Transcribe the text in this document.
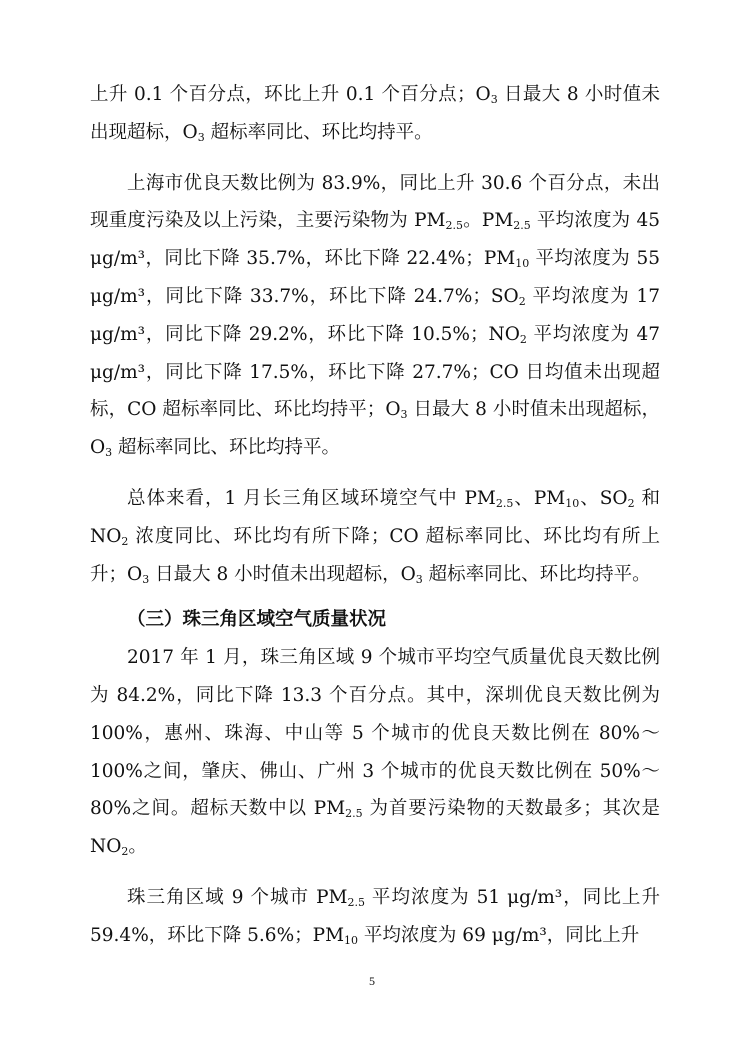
上升 0.1 个百分点，环比上升 0.1 个百分点；$O_3$ 日最大 8 小时值未出现超标，$O_3$ 超标率同比、环比均持平。

上海市优良天数比例为 83.9%，同比上升 30.6 个百分点，未出现重度污染及以上污染，主要污染物为 $PM_{2.5}$。$PM_{2.5}$ 平均浓度为 45 μg/m³，同比下降 35.7%，环比下降 22.4%；$PM_{10}$ 平均浓度为 55 μg/m³，同比下降 33.7%，环比下降 24.7%；$SO_2$ 平均浓度为 17 μg/m³，同比下降 29.2%，环比下降 10.5%；$NO_2$ 平均浓度为 47 μg/m³，同比下降 17.5%，环比下降 27.7%；CO 日均值未出现超标，CO 超标率同比、环比均持平；$O_3$ 日最大 8 小时值未出现超标，$O_3$ 超标率同比、环比均持平。

总体来看，1 月长三角区域环境空气中 $PM_{2.5}$、$PM_{10}$、$SO_2$ 和 $NO_2$ 浓度同比、环比均有所下降；CO 超标率同比、环比均有所上升；$O_3$ 日最大 8 小时值未出现超标，$O_3$ 超标率同比、环比均持平。

（三）珠三角区域空气质量状况

2017 年 1 月，珠三角区域 9 个城市平均空气质量优良天数比例为 84.2%，同比下降 13.3 个百分点。其中，深圳优良天数比例为 100%，惠州、珠海、中山等 5 个城市的优良天数比例在 80%～100%之间，肇庆、佛山、广州 3 个城市的优良天数比例在 50%～80%之间。超标天数中以 $PM_{2.5}$ 为首要污染物的天数最多；其次是 $NO_2$。

珠三角区域 9 个城市 $PM_{2.5}$ 平均浓度为 51 μg/m³，同比上升 59.4%，环比下降 5.6%；$PM_{10}$ 平均浓度为 69 μg/m³，同比上升

5
